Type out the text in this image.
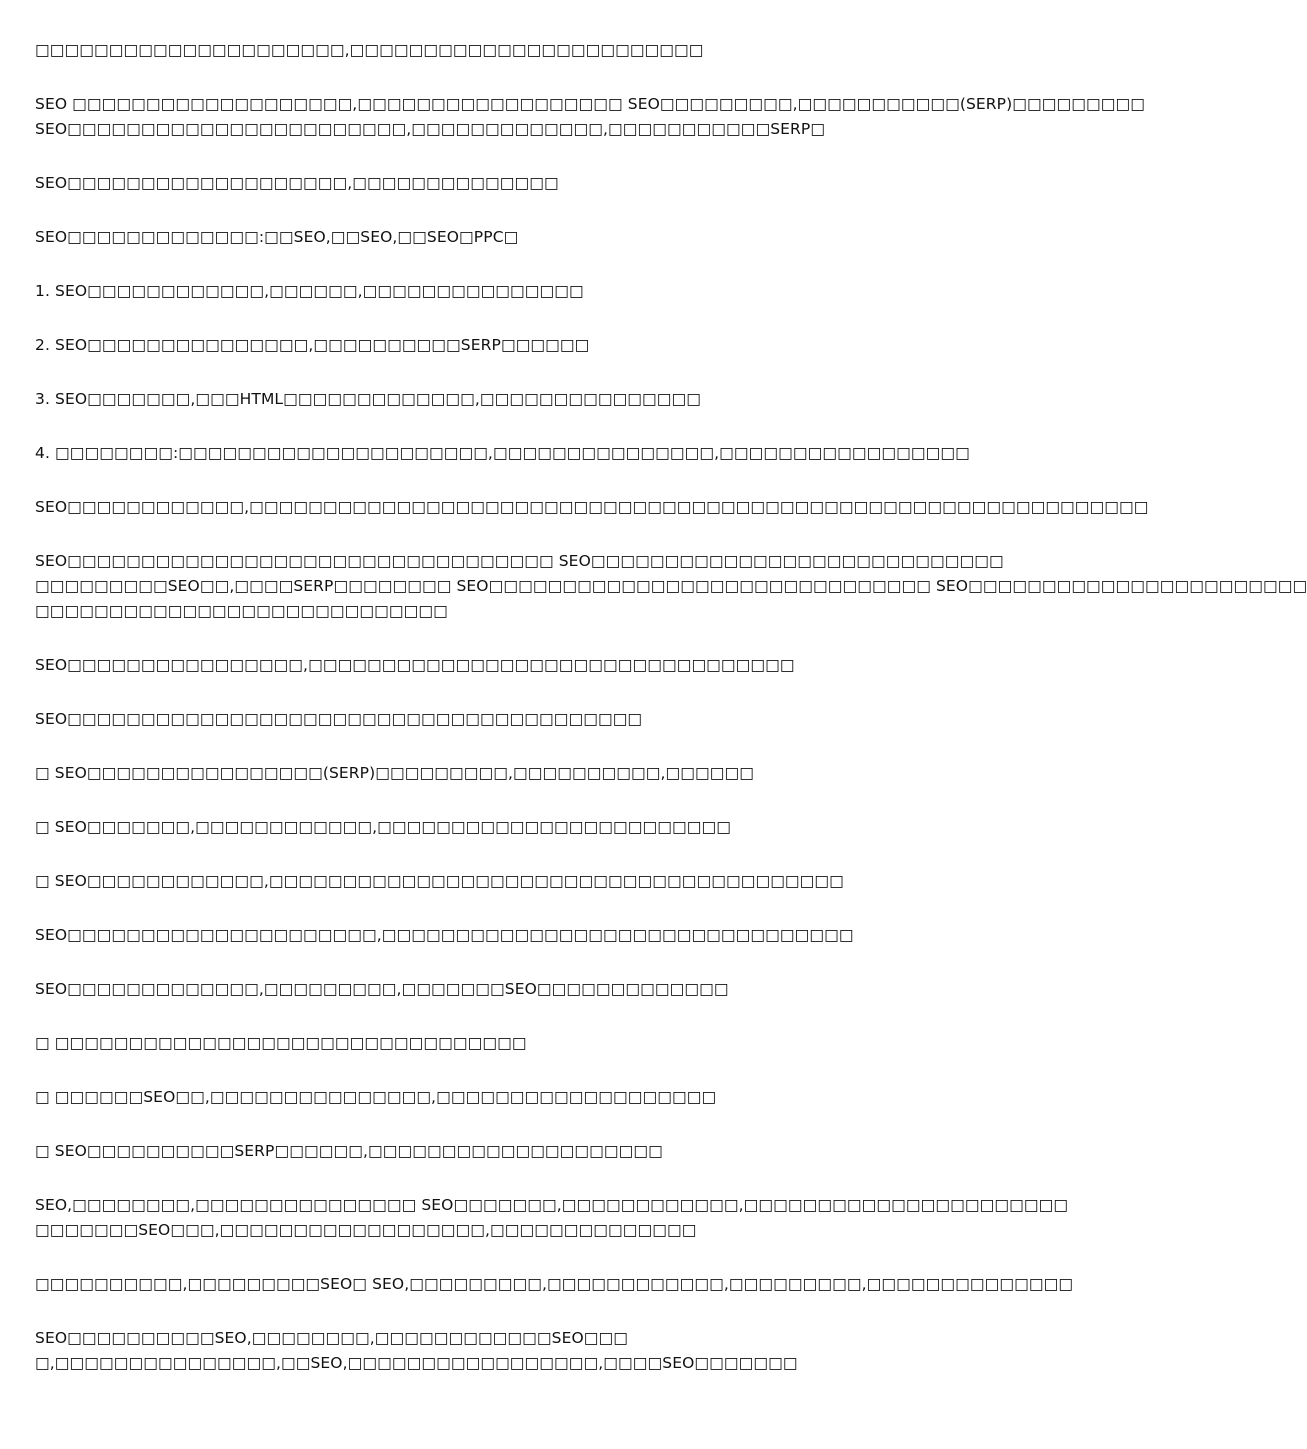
□□□□□□□□□□□□□□□□□□□□□,□□□□□□□□□□□□□□□□□□□□□□□□
SEO □□□□□□□□□□□□□□□□□□□,□□□□□□□□□□□□□□□□□□ SEO□□□□□□□□□,□□□□□□□□□□□(SERP)□□□□□□□□□
SEO□□□□□□□□□□□□□□□□□□□□□□□,□□□□□□□□□□□□□,□□□□□□□□□□□SERP□
SEO□□□□□□□□□□□□□□□□□□□,□□□□□□□□□□□□□□
SEO□□□□□□□□□□□□□:□□SEO,□□SEO,□□SEO□PPC□
1. SEO□□□□□□□□□□□□,□□□□□□,□□□□□□□□□□□□□□□
2. SEO□□□□□□□□□□□□□□□,□□□□□□□□□□SERP□□□□□□
3. SEO□□□□□□□,□□□HTML□□□□□□□□□□□□□,□□□□□□□□□□□□□□□
4. □□□□□□□□:□□□□□□□□□□□□□□□□□□□□□,□□□□□□□□□□□□□□□,□□□□□□□□□□□□□□□□□
SEO□□□□□□□□□□□□,□□□□□□□□□□□□□□□□□□□□□□□□□□□□□□□□□□□□□□□□□□□□□□□□□□□□□□□□□□□□□
SEO□□□□□□□□□□□□□□□□□□□□□□□□□□□□□□□□□ SEO□□□□□□□□□□□□□□□□□□□□□□□□□□□□
□□□□□□□□□SEO□□,□□□□SERP□□□□□□□□ SEO□□□□□□□□□□□□□□□□□□□□□□□□□□□□□□ SEO□□□□□□□□□□□□□□□□□□□□□□□
□□□□□□□□□□□□□□□□□□□□□□□□□□□□
SEO□□□□□□□□□□□□□□□□,□□□□□□□□□□□□□□□□□□□□□□□□□□□□□□□□□
SEO□□□□□□□□□□□□□□□□□□□□□□□□□□□□□□□□□□□□□□□
□ SEO□□□□□□□□□□□□□□□□(SERP)□□□□□□□□□,□□□□□□□□□□,□□□□□□
□ SEO□□□□□□□,□□□□□□□□□□□□,□□□□□□□□□□□□□□□□□□□□□□□□
□ SEO□□□□□□□□□□□□,□□□□□□□□□□□□□□□□□□□□□□□□□□□□□□□□□□□□□□□
SEO□□□□□□□□□□□□□□□□□□□□□,□□□□□□□□□□□□□□□□□□□□□□□□□□□□□□□□
SEO□□□□□□□□□□□□□,□□□□□□□□□,□□□□□□□SEO□□□□□□□□□□□□□
□ □□□□□□□□□□□□□□□□□□□□□□□□□□□□□□□□
□ □□□□□□SEO□□,□□□□□□□□□□□□□□□,□□□□□□□□□□□□□□□□□□□
□ SEO□□□□□□□□□□SERP□□□□□□,□□□□□□□□□□□□□□□□□□□□
SEO,□□□□□□□□,□□□□□□□□□□□□□□□ SEO□□□□□□□,□□□□□□□□□□□□,□□□□□□□□□□□□□□□□□□□□□□
□□□□□□□SEO□□□,□□□□□□□□□□□□□□□□□□,□□□□□□□□□□□□□□
□□□□□□□□□□,□□□□□□□□□SEO□ SEO,□□□□□□□□□,□□□□□□□□□□□□,□□□□□□□□□,□□□□□□□□□□□□□□
SEO□□□□□□□□□□SEO,□□□□□□□□,□□□□□□□□□□□□SEO□□□
□,□□□□□□□□□□□□□□□,□□SEO,□□□□□□□□□□□□□□□□□,□□□□SEO□□□□□□□
